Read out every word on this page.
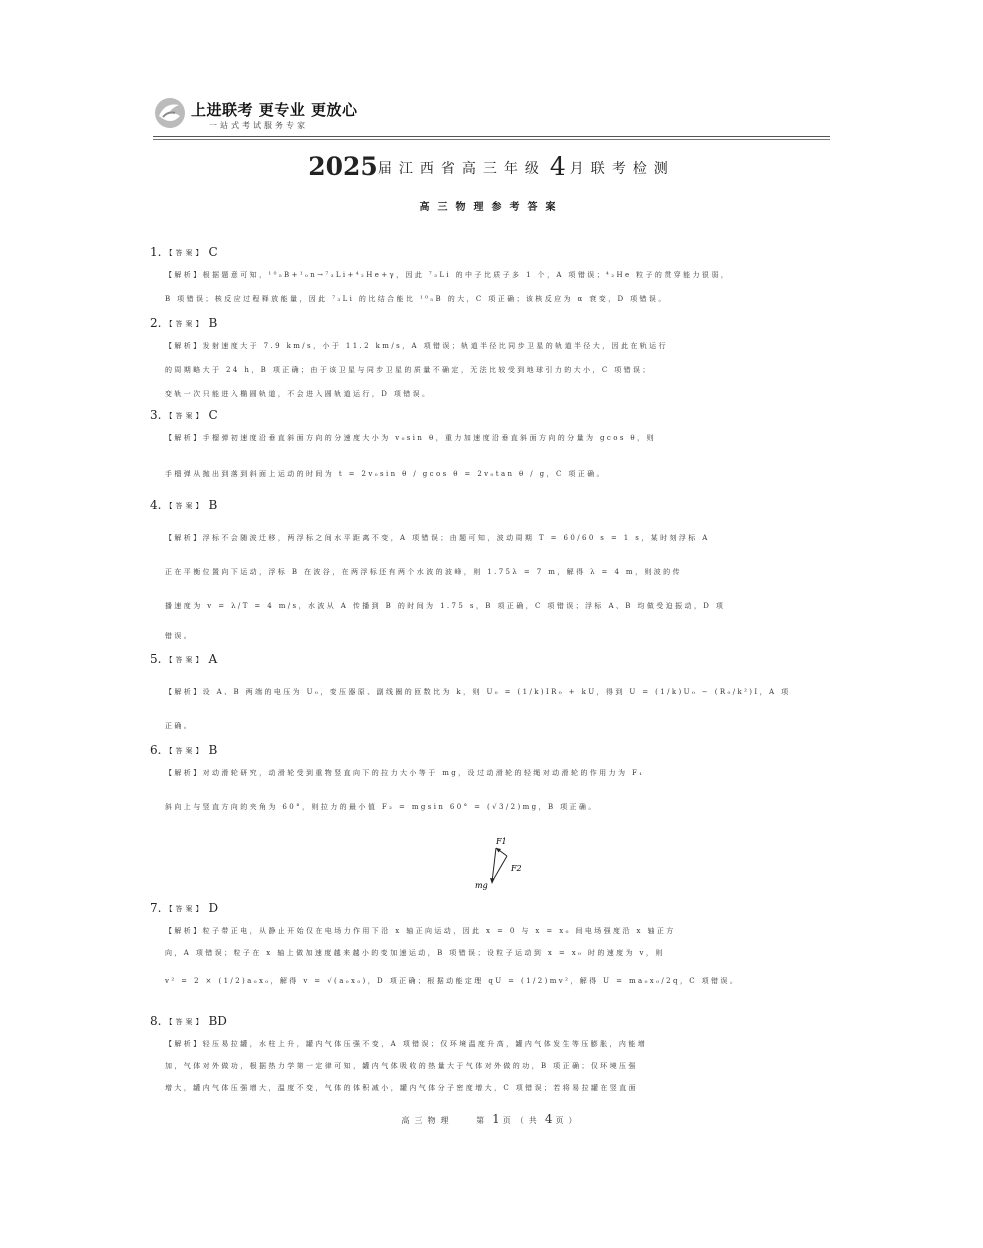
上进联考 更专业 更放心
一站式考试服务专家
2025届江西省高三年级 4 月联考检测
高三物理参考答案
1. 【答案】 C
【解析】根据题意可知，¹⁰₅B+¹₀n→⁷₃Li+⁴₂He+γ，因此 ⁷₃Li 的中子比质子多 1 个，A 项错误；⁴₂He 粒子的贯穿能力很弱，
B 项错误；核反应过程释放能量，因此 ⁷₃Li 的比结合能比 ¹⁰₅B 的大，C 项正确；该核反应为 α 衰变，D 项错误。
2. 【答案】 B
【解析】发射速度大于 7.9 km/s，小于 11.2 km/s，A 项错误；轨道半径比同步卫星的轨道半径大，因此在轨运行
的周期略大于 24 h，B 项正确；由于该卫星与同步卫星的质量不确定，无法比较受到地球引力的大小，C 项错误；
变轨一次只能进入椭圆轨道，不会进入圆轨道运行，D 项错误。
3. 【答案】 C
【解析】手榴弹初速度沿垂直斜面方向的分速度大小为 v₀sin θ，重力加速度沿垂直斜面方向的分量为 gcos θ，则
手榴弹从抛出到落到斜面上运动的时间为 t = 2v₀sin θ / gcos θ = 2v₀tan θ / g，C 项正确。
4. 【答案】 B
【解析】浮标不会随波迁移，两浮标之间水平距离不变，A 项错误；由题可知，波动周期 T = 60/60 s = 1 s，某时刻浮标 A
正在平衡位置向下运动，浮标 B 在波谷，在两浮标还有两个水波的波峰，则 1.75λ = 7 m，解得 λ = 4 m，则波的传
播速度为 v = λ/T = 4 m/s，水波从 A 传播到 B 的时间为 1.75 s，B 项正确，C 项错误；浮标 A、B 均做受迫振动，D 项
错误。
5. 【答案】 A
【解析】设 A、B 两端的电压为 U₀，变压器原、副线圈的匝数比为 k，则 U₀ = (1/k)IR₀ + kU，得到 U = (1/k)U₀ − (R₀/k²)I，A 项
正确。
6. 【答案】 B
【解析】对动滑轮研究，动滑轮受到重物竖直向下的拉力大小等于 mg，设过动滑轮的轻绳对动滑轮的作用力为 F₁
斜向上与竖直方向的夹角为 60°，则拉力的最小值 F₂ = mgsin 60° = (√3/2)mg，B 项正确。
F1
F2
mg
7. 【答案】 D
【解析】粒子带正电，从静止开始仅在电场力作用下沿 x 轴正向运动，因此 x = 0 与 x = x₀ 间电场强度沿 x 轴正方
向，A 项错误；粒子在 x 轴上做加速度越来越小的变加速运动，B 项错误；设粒子运动到 x = x₀ 时的速度为 v，则
v² = 2 × (1/2)a₀x₀，解得 v = √(a₀x₀)，D 项正确；根据动能定理 qU = (1/2)mv²，解得 U = ma₀x₀/2q，C 项错误。
8. 【答案】 BD
【解析】轻压易拉罐，水柱上升，罐内气体压强不变，A 项错误；仅环境温度升高，罐内气体发生等压膨胀，内能增
加，气体对外做功，根据热力学第一定律可知，罐内气体吸收的热量大于气体对外做的功，B 项正确；仅环境压强
增大，罐内气体压强增大，温度不变，气体的体积减小，罐内气体分子密度增大，C 项错误；若将易拉罐在竖直面
高三物理	第 1 页（共 4 页）
